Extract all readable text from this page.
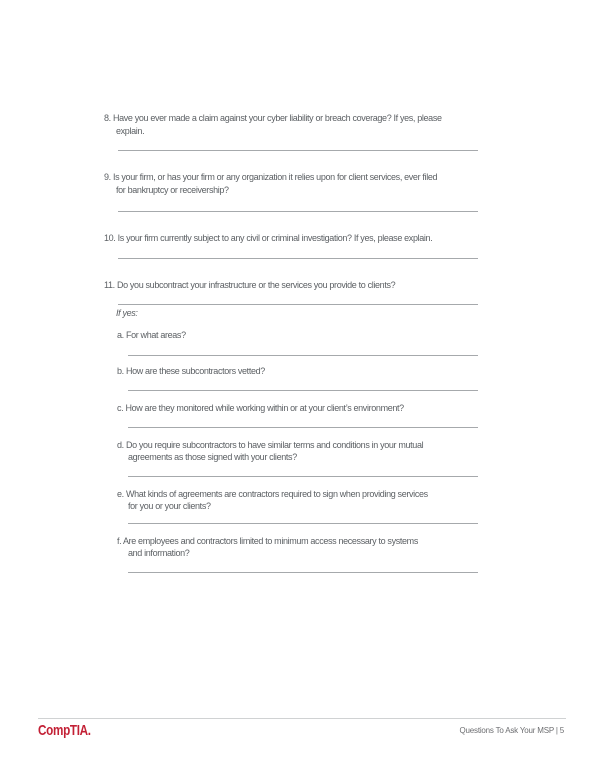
8. Have you ever made a claim against your cyber liability or breach coverage? If yes, please
explain.
9. Is your firm, or has your firm or any organization it relies upon for client services, ever filed
for bankruptcy or receivership?
10. Is your firm currently subject to any civil or criminal investigation? If yes, please explain.
11. Do you subcontract your infrastructure or the services you provide to clients?
If yes:
a. For what areas?
b. How are these subcontractors vetted?
c. How are they monitored while working within or at your client’s environment?
d. Do you require subcontractors to have similar terms and conditions in your mutual
agreements as those signed with your clients?
e. What kinds of agreements are contractors required to sign when providing services
for you or your clients?
f. Are employees and contractors limited to minimum access necessary to systems
and information?
CompTIA.	Questions To Ask Your MSP | 5
